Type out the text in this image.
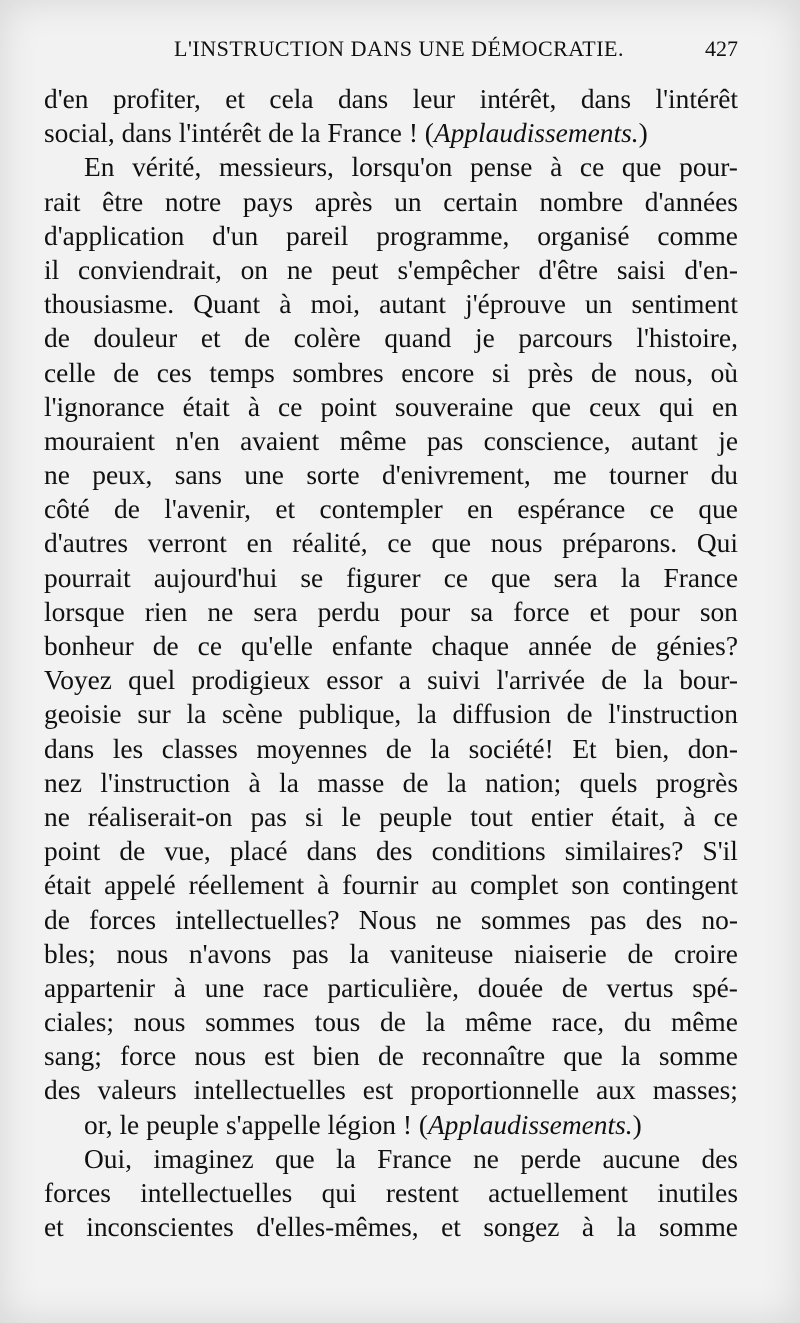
L'INSTRUCTION DANS UNE DÉMOCRATIE.	427
d'en profiter, et cela dans leur intérêt, dans l'intérêt
social,
dans
l'intérêt
de
la
France
!
(Applaudissements.)
En vérité, messieurs, lorsqu'on pense à ce que pour-
rait être notre pays après un certain nombre d'années
d'application d'un pareil programme, organisé comme
il conviendrait, on ne peut s'empêcher d'être saisi d'en-
thousiasme. Quant à moi, autant j'éprouve un sentiment
de douleur et de colère quand je parcours l'histoire,
celle de ces temps sombres encore si près de nous, où
l'ignorance était à ce point souveraine que ceux qui en
mouraient n'en avaient même pas conscience, autant je
ne peux, sans une sorte d'enivrement, me tourner du
côté de l'avenir, et contempler en espérance ce que
d'autres verront en réalité, ce que nous préparons. Qui
pourrait aujourd'hui se figurer ce que sera la France
lorsque rien ne sera perdu pour sa force et pour son
bonheur de ce qu'elle enfante chaque année de génies?
Voyez quel prodigieux essor a suivi l'arrivée de la bour-
geoisie sur la scène publique, la diffusion de l'instruction
dans les classes moyennes de la société! Et bien, don-
nez l'instruction à la masse de la nation; quels progrès
ne réaliserait-on pas si le peuple tout entier était, à ce
point de vue, placé dans des conditions similaires? S'il
était appelé réellement à fournir au complet son contingent
de forces intellectuelles? Nous ne sommes pas des no-
bles; nous n'avons pas la vaniteuse niaiserie de croire
appartenir à une race particulière, douée de vertus spé-
ciales; nous sommes tous de la même race, du même
sang; force nous est bien de reconnaître que la somme
des valeurs intellectuelles est proportionnelle aux masses;
or,
le
peuple
s'appelle
légion
!
(Applaudissements.)
Oui, imaginez que la France ne perde aucune des
forces intellectuelles qui restent actuellement inutiles
et inconscientes d'elles-mêmes, et songez à la somme
